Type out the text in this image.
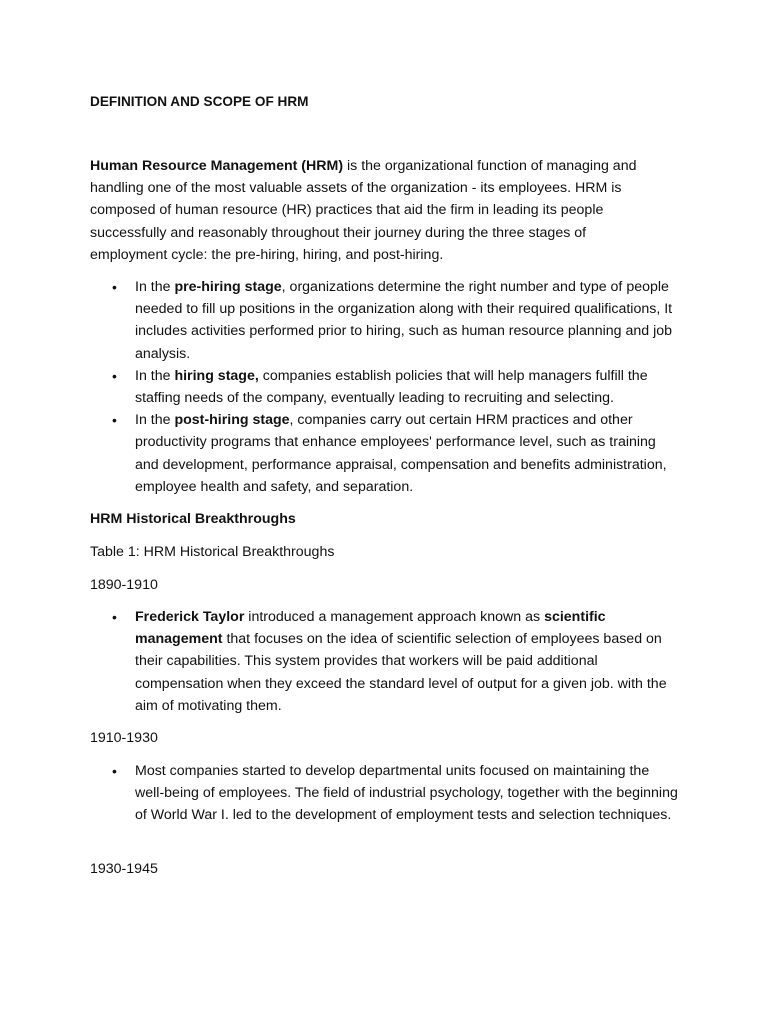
DEFINITION AND SCOPE OF HRM

Human Resource Management (HRM) is the organizational function of managing and handling one of the most valuable assets of the organization - its employees. HRM is composed of human resource (HR) practices that aid the firm in leading its people successfully and reasonably throughout their journey during the three stages of employment cycle: the pre-hiring, hiring, and post-hiring.

• In the pre-hiring stage, organizations determine the right number and type of people needed to fill up positions in the organization along with their required qualifications, It includes activities performed prior to hiring, such as human resource planning and job analysis.
• In the hiring stage, companies establish policies that will help managers fulfill the staffing needs of the company, eventually leading to recruiting and selecting.
• In the post-hiring stage, companies carry out certain HRM practices and other productivity programs that enhance employees' performance level, such as training and development, performance appraisal, compensation and benefits administration, employee health and safety, and separation.
HRM Historical Breakthroughs
Table 1: HRM Historical Breakthroughs
1890-1910
• Frederick Taylor introduced a management approach known as scientific management that focuses on the idea of scientific selection of employees based on their capabilities. This system provides that workers will be paid additional compensation when they exceed the standard level of output for a given job. with the aim of motivating them.
1910-1930
• Most companies started to develop departmental units focused on maintaining the well-being of employees. The field of industrial psychology, together with the beginning of World War I. led to the development of employment tests and selection techniques.
1930-1945
